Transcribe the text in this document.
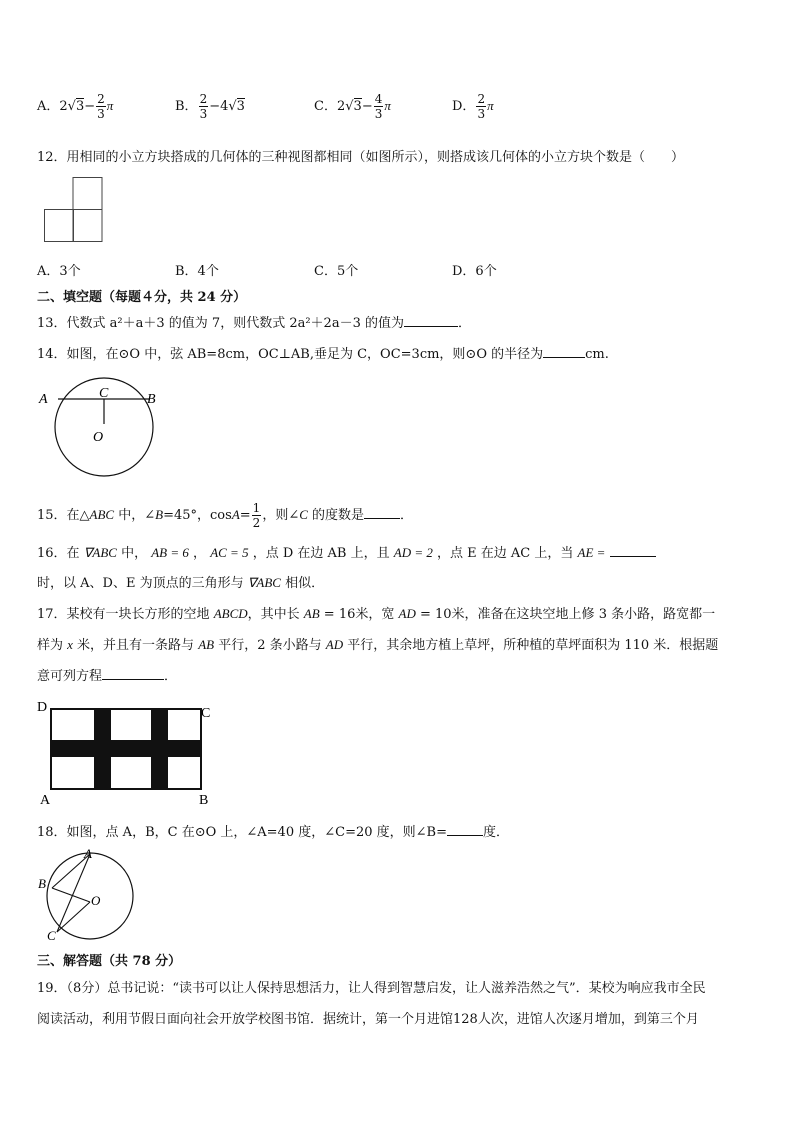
A．$2√3- \frac{2}{3}$ π	B． $\frac{2}{3} -4√3$	C．$2√3- \frac{4}{3}$ π	D． $\frac{2}{3}$ π
12．用相同的小立方块搭成的几何体的三种视图都相同（如图所示），则搭成该几何体的小立方块个数是（　　）
A．3个	B．4个	C．5个	D．6个
二、填空题（每题４分，共 24 分）
13．代数式 a²＋a＋3 的值为 7，则代数式 2a²＋2a－3 的值为	．
14．如图，在⊙O 中，弦 AB=8cm，OC⊥AB,垂足为 C，OC=3cm，则⊙O 的半径为	cm.
A	B
C
O
15．在△ABC 中，∠B=45°，$\cos A= \frac{1}{2}$ ，则∠C 的度数是	．
16．在 ∇ABC 中， AB = 6 ， AC = 5 ，点 D 在边 AB 上，且 AD = 2 ，点 E 在边 AC 上，当 AE =
时，以 A、D、E 为顶点的三角形与 ∇ABC 相似．
17．某校有一块长方形的空地 ABCD，其中长 AB = 16米，宽 AD = 10米，准备在这块空地上修 3 条小路，路宽都一
样为 x 米，并且有一条路与 AB 平行，2 条小路与 AD 平行，其余地方植上草坪，所种植的草坪面积为 110 米．根据题
意可列方程	．
D	C
A	B
18．如图，点 A，B，C 在⊙O 上，∠A=40 度，∠C=20 度，则∠B=	度．
A
B
C
O
三、解答题（共 78 分）
19．（8分）总书记说：“读书可以让人保持思想活力，让人得到智慧启发，让人滋养浩然之气”．某校为响应我市全民
阅读活动，利用节假日面向社会开放学校图书馆．据统计，第一个月进馆128人次，进馆人次逐月增加，到第三个月
